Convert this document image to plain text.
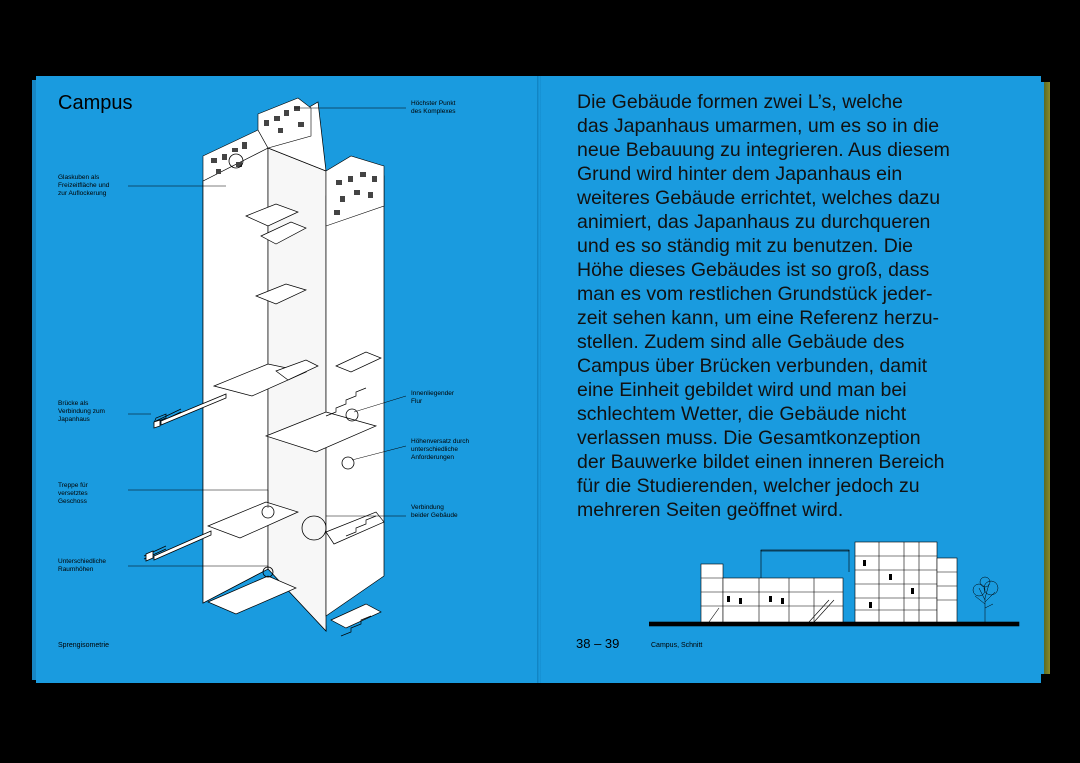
Campus	Höchster Punkt
des Komplexes
Glaskuben als
Freizeitfläche und
zur Auflockerung
Brücke als
Verbindung zum
Japanhaus
Innenliegender
Flur
Höhenversatz durch
unterschiedliche
Anforderungen
Treppe für
versetztes
Geschoss
Verbindung
beider Gebäude
Unterschiedliche
Raumhöhen
Sprengisometrie

Die Gebäude formen zwei L’s, welche
das Japanhaus umarmen, um es so in die
neue Bebauung zu integrieren. Aus diesem
Grund wird hinter dem Japanhaus ein
weiteres Gebäude errichtet, welches dazu
animiert, das Japanhaus zu durchqueren
und es so ständig mit zu benutzen. Die
Höhe dieses Gebäudes ist so groß, dass
man es vom restlichen Grundstück jeder-
zeit sehen kann, um eine Referenz herzu-
stellen. Zudem sind alle Gebäude des
Campus über Brücken verbunden, damit
eine Einheit gebildet wird und man bei
schlechtem Wetter, die Gebäude nicht
verlassen muss. Die Gesamtkonzeption
der Bauwerke bildet einen inneren Bereich
für die Studierenden, welcher jedoch zu
mehreren Seiten geöffnet wird.

38 – 39	Campus, Schnitt
